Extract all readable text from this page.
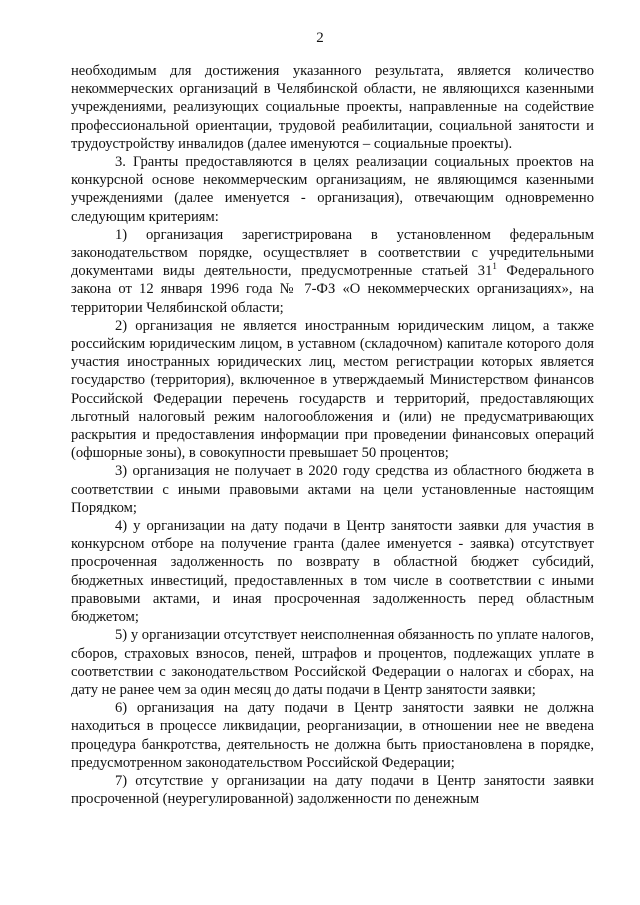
2

необходимым для достижения указанного результата, является количество некоммерческих организаций в Челябинской области, не являющихся казенными учреждениями, реализующих социальные проекты, направленные на содействие профессиональной ориентации, трудовой реабилитации, социальной занятости и трудоустройству инвалидов (далее именуются – социальные проекты).

3. Гранты предоставляются в целях реализации социальных проектов на конкурсной основе некоммерческим организациям, не являющимся казенными учреждениями (далее именуется - организация), отвечающим одновременно следующим критериям:

1) организация зарегистрирована в установленном федеральным законодательством порядке, осуществляет в соответствии с учредительными документами виды деятельности, предусмотренные статьей $31^1$ Федерального закона от 12 января 1996 года № 7-ФЗ «О некоммерческих организациях», на территории Челябинской области;

2) организация не является иностранным юридическим лицом, а также российским юридическим лицом, в уставном (складочном) капитале которого доля участия иностранных юридических лиц, местом регистрации которых является государство (территория), включенное в утверждаемый Министерством финансов Российской Федерации перечень государств и территорий, предоставляющих льготный налоговый режим налогообложения и (или) не предусматривающих раскрытия и предоставления информации при проведении финансовых операций (офшорные зоны), в совокупности превышает 50 процентов;

3) организация не получает в 2020 году средства из областного бюджета в соответствии с иными правовыми актами на цели установленные настоящим Порядком;

4) у организации на дату подачи в Центр занятости заявки для участия в конкурсном отборе на получение гранта (далее именуется - заявка) отсутствует просроченная задолженность по возврату в областной бюджет субсидий, бюджетных инвестиций, предоставленных в том числе в соответствии с иными правовыми актами, и иная просроченная задолженность перед областным бюджетом;

5) у организации отсутствует неисполненная обязанность по уплате налогов, сборов, страховых взносов, пеней, штрафов и процентов, подлежащих уплате в соответствии с законодательством Российской Федерации о налогах и сборах, на дату не ранее чем за один месяц до даты подачи в Центр занятости заявки;

6) организация на дату подачи в Центр занятости заявки не должна находиться в процессе ликвидации, реорганизации, в отношении нее не введена процедура банкротства, деятельность не должна быть приостановлена в порядке, предусмотренном законодательством Российской Федерации;

7) отсутствие у организации на дату подачи в Центр занятости заявки просроченной (неурегулированной) задолженности по денежным
